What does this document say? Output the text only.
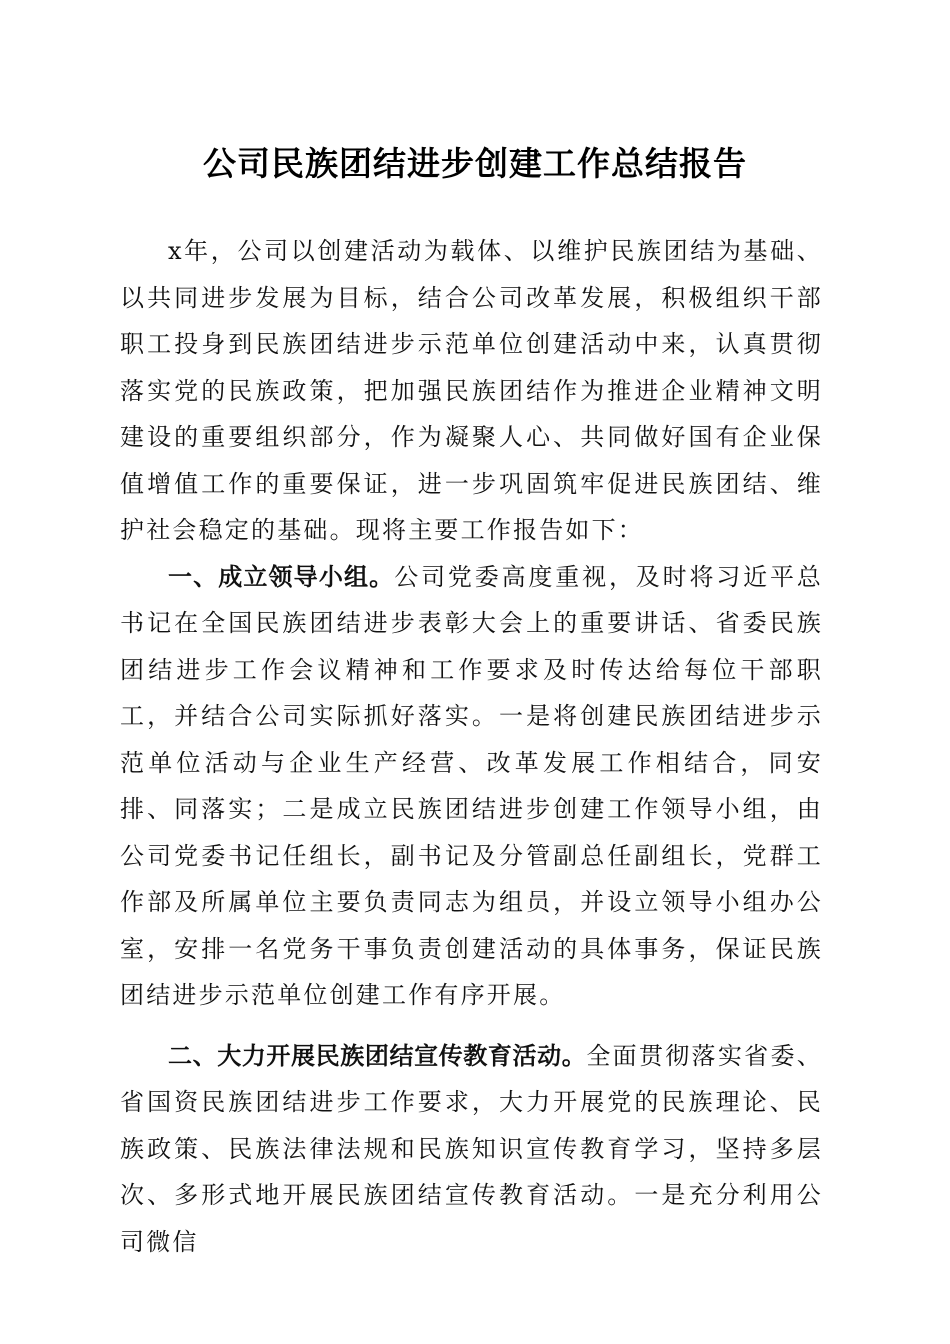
公司民族团结进步创建工作总结报告

x年，公司以创建活动为载体、以维护民族团结为基础、以共同进步发展为目标，结合公司改革发展，积极组织干部职工投身到民族团结进步示范单位创建活动中来，认真贯彻落实党的民族政策，把加强民族团结作为推进企业精神文明建设的重要组织部分，作为凝聚人心、共同做好国有企业保值增值工作的重要保证，进一步巩固筑牢促进民族团结、维护社会稳定的基础。现将主要工作报告如下：

一、成立领导小组。公司党委高度重视，及时将习近平总书记在全国民族团结进步表彰大会上的重要讲话、省委民族团结进步工作会议精神和工作要求及时传达给每位干部职工，并结合公司实际抓好落实。一是将创建民族团结进步示范单位活动与企业生产经营、改革发展工作相结合，同安排、同落实；二是成立民族团结进步创建工作领导小组，由公司党委书记任组长，副书记及分管副总任副组长，党群工作部及所属单位主要负责同志为组员，并设立领导小组办公室，安排一名党务干事负责创建活动的具体事务，保证民族团结进步示范单位创建工作有序开展。

二、大力开展民族团结宣传教育活动。全面贯彻落实省委、省国资民族团结进步工作要求，大力开展党的民族理论、民族政策、民族法律法规和民族知识宣传教育学习，坚持多层次、多形式地开展民族团结宣传教育活动。一是充分利用公司微信
